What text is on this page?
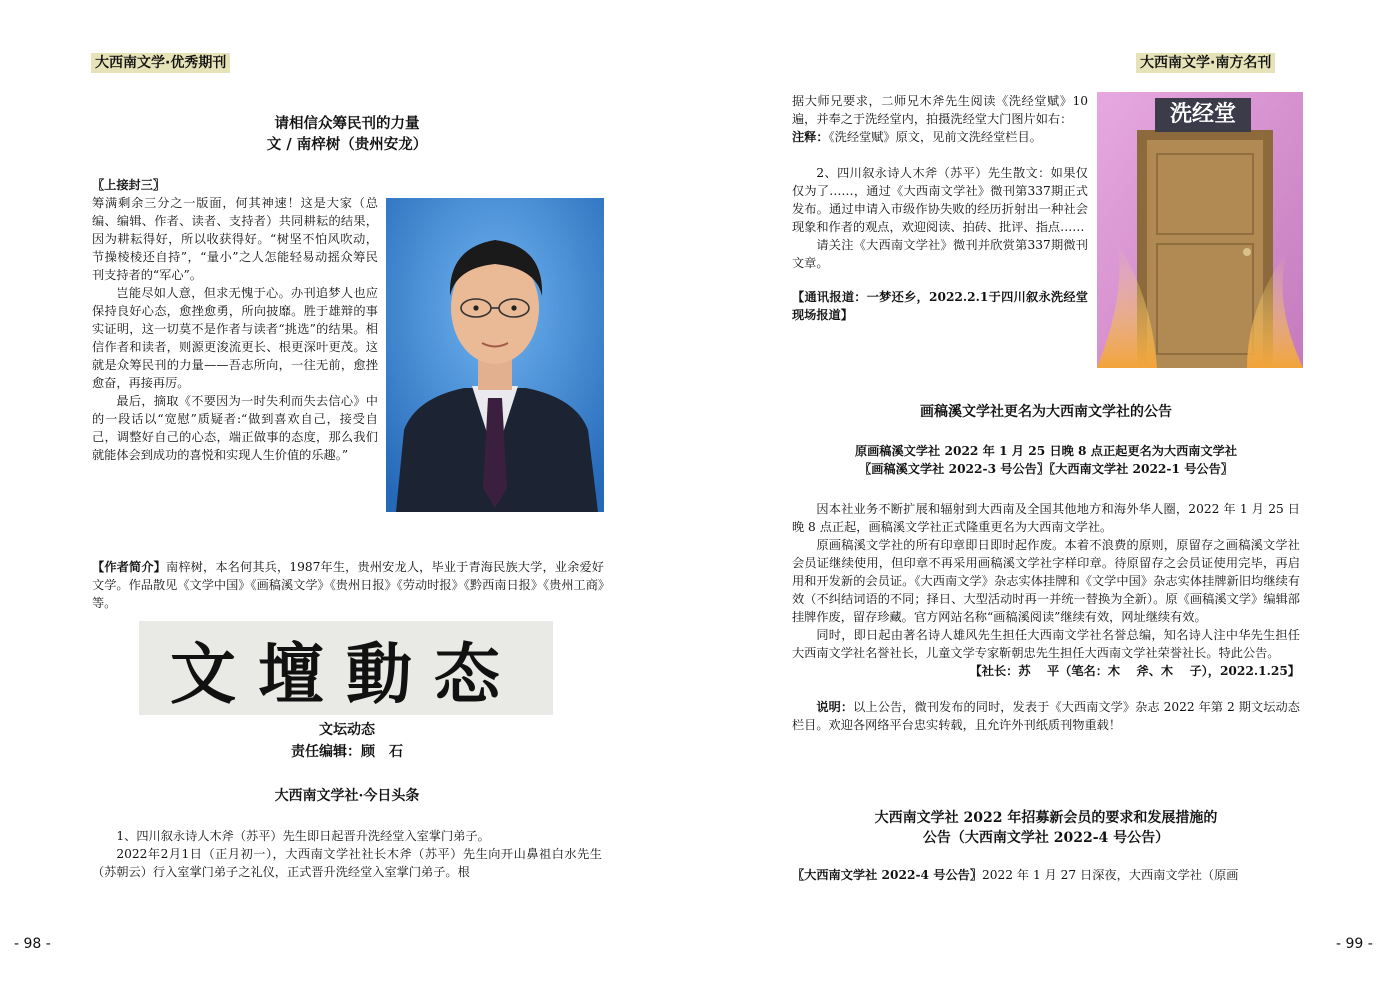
大西南文学·优秀期刊
请相信众筹民刊的力量
文 / 南梓树（贵州安龙）
〖上接封三〗

筹满剩余三分之一版面，何其神速！这是大家（总编、编辑、作者、读者、支持者）共同耕耘的结果，因为耕耘得好，所以收获得好。“树坚不怕风吹动，节操棱棱还自持”，“量小”之人怎能轻易动摇众筹民刊支持者的“军心”。

岂能尽如人意，但求无愧于心。办刊追梦人也应保持良好心态，愈挫愈勇，所向披靡。胜于雄辩的事实证明，这一切莫不是作者与读者“挑选”的结果。相信作者和读者，则源更浚流更长、根更深叶更茂。这就是众筹民刊的力量——吾志所向，一往无前，愈挫愈奋，再接再厉。

最后，摘取《不要因为一时失利而失去信心》中的一段话以“宽慰”质疑者:“做到喜欢自己，接受自己，调整好自己的心态，端正做事的态度，那么我们就能体会到成功的喜悦和实现人生价值的乐趣。”

【作者简介】南梓树，本名何其兵，1987年生，贵州安龙人，毕业于青海民族大学，业余爱好文学。作品散见《文学中国》《画稿溪文学》《贵州日报》《劳动时报》《黔西南日报》《贵州工商》等。
文壇動态
文坛动态
责任编辑：顾　石
大西南文学社·今日头条

1、四川叙永诗人木斧（苏平）先生即日起晋升洗经堂入室掌门弟子。

2022年2月1日（正月初一），大西南文学社社长木斧（苏平）先生向开山鼻祖白水先生（苏朝云）行入室掌门弟子之礼仪，正式晋升洗经堂入室掌门弟子。根

- 98 -
大西南文学·南方名刊

据大师兄要求，二师兄木斧先生阅读《洗经堂赋》10遍，并奉之于洗经堂内，拍摄洗经堂大门图片如右：

注释：《洗经堂赋》原文，见前文洗经堂栏目。

2、四川叙永诗人木斧（苏平）先生散文：如果仅仅为了……，通过《大西南文学社》微刊第337期正式发布。通过申请入市级作协失败的经历折射出一种社会现象和作者的观点，欢迎阅读、拍砖、批评、指点……

请关注《大西南文学社》微刊并欣赏第337期微刊文章。

【通讯报道：一梦还乡，2022.2.1于四川叙永洗经堂现场报道】

洗经堂
画稿溪文学社更名为大西南文学社的公告
原画稿溪文学社 2022 年 1 月 25 日晚 8 点正起更名为大西南文学社
〖画稿溪文学社 2022-3 号公告〗〖大西南文学社 2022-1 号公告〗

因本社业务不断扩展和辐射到大西南及全国其他地方和海外华人圈，2022 年 1 月 25 日晚 8 点正起，画稿溪文学社正式隆重更名为大西南文学社。

原画稿溪文学社的所有印章即日即时起作废。本着不浪费的原则，原留存之画稿溪文学社会员证继续使用，但印章不再采用画稿溪文学社字样印章。待原留存之会员证使用完毕，再启用和开发新的会员证。《大西南文学》杂志实体挂牌和《文学中国》杂志实体挂牌新旧均继续有效（不纠结词语的不同；择日、大型活动时再一并统一替换为全新）。原《画稿溪文学》编辑部挂牌作废，留存珍藏。官方网站名称“画稿溪阅读”继续有效，网址继续有效。

同时，即日起由著名诗人雄风先生担任大西南文学社名誉总编，知名诗人注中华先生担任大西南文学社名誉社长，儿童文学专家靳朝忠先生担任大西南文学社荣誉社长。特此公告。

【社长：苏　 平（笔名：木　 斧、木　 子），2022.1.25】

说明：以上公告，微刊发布的同时，发表于《大西南文学》杂志 2022 年第 2 期文坛动态栏目。欢迎各网络平台忠实转载，且允许外刊纸质刊物重载！

大西南文学社 2022 年招募新会员的要求和发展措施的
公告（大西南文学社 2022-4 号公告）
〖大西南文学社 2022-4 号公告〗2022 年 1 月 27 日深夜，大西南文学社（原画
- 99 -
